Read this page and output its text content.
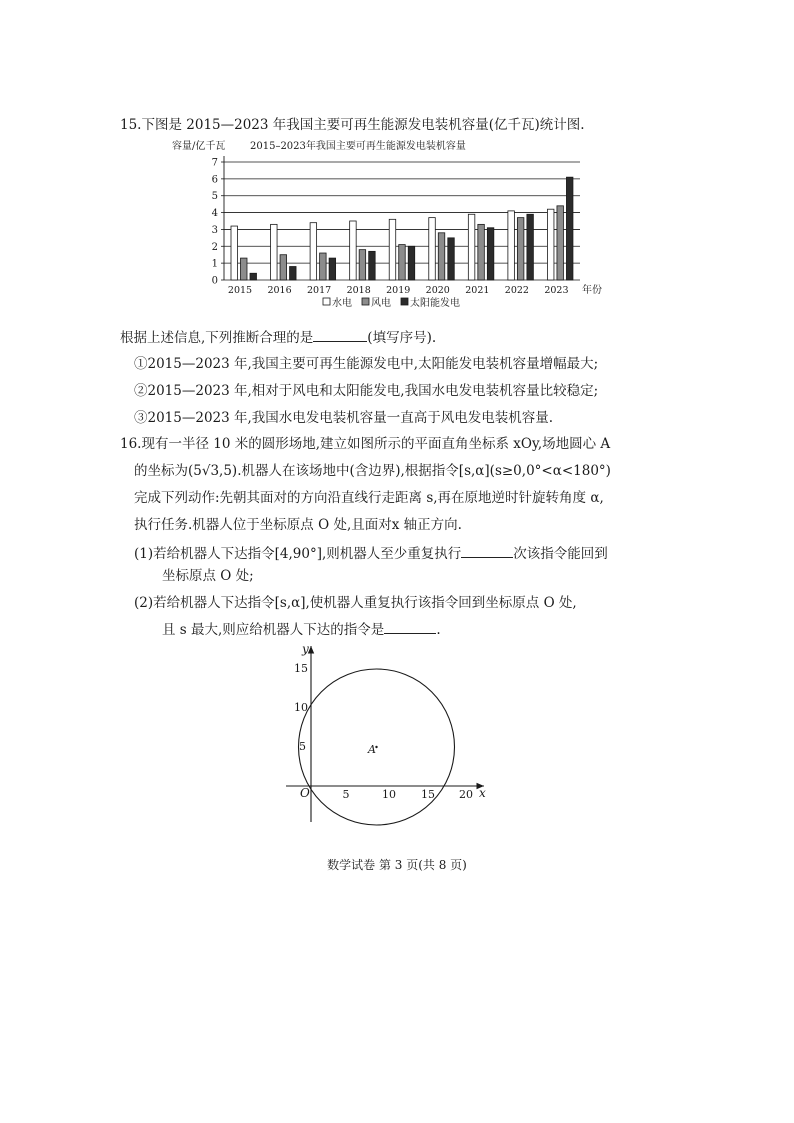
15.下图是 2015—2023 年我国主要可再生能源发电装机容量(亿千瓦)统计图.
容量/亿千瓦 2015–2023年我国主要可再生能源发电装机容量
0
1
2
3
4
5
6
7
2015 2016 2017 2018 2019 2020 2021 2022 2023 年份
水电 风电 太阳能发电
根据上述信息,下列推断合理的是	(填写序号).
①2015—2023 年,我国主要可再生能源发电中,太阳能发电装机容量增幅最大;
②2015—2023 年,相对于风电和太阳能发电,我国水电发电装机容量比较稳定;
③2015—2023 年,我国水电发电装机容量一直高于风电发电装机容量.
16.现有一半径 10 米的圆形场地,建立如图所示的平面直角坐标系 xOy,场地圆心 A
的坐标为(5√3,5).机器人在该场地中(含边界),根据指令[s,α](s≥0,0°<α<180°)
完成下列动作:先朝其面对的方向沿直线行走距离 s,再在原地逆时针旋转角度 α,
执行任务.机器人位于坐标原点 O 处,且面对x 轴正方向.
(1)若给机器人下达指令[4,90°],则机器人至少重复执行	次该指令能回到
坐标原点 O 处;
(2)若给机器人下达指令[s,α],使机器人重复执行该指令回到坐标原点 O 处,
且 s 最大,则应给机器人下达的指令是	.
x
y
O
A
5	10 15 20
5
10
15
数学试卷 第 3 页(共 8 页)
